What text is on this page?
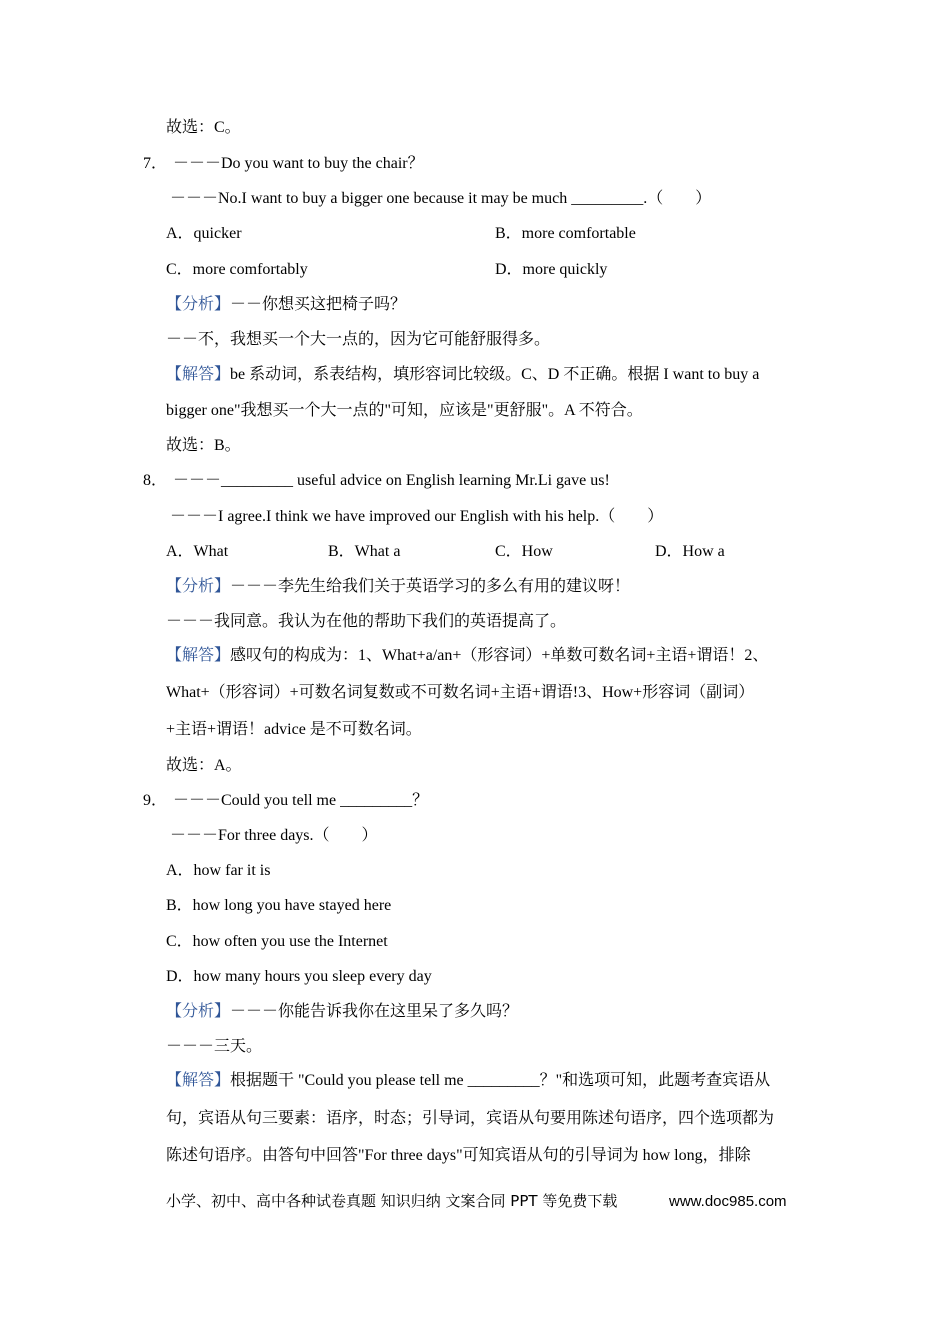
故选：C。
7． －－－Do you want to buy the chair？
－－－No.I want to buy a bigger one because it may be much _________.（　　）
A．quicker	B．more comfortable
C．more comfortably	D．more quickly
【分析】－－你想买这把椅子吗？
－－不，我想买一个大一点的，因为它可能舒服得多。
【解答】be 系动词，系表结构，填形容词比较级。C、D 不正确。根据 I want to buy a
bigger one"我想买一个大一点的"可知，应该是"更舒服"。A 不符合。
故选：B。
8． －－－_________ useful advice on English learning Mr.Li gave us!
－－－I agree.I think we have improved our English with his help.（　　）
A．What	B．What a	C．How	D．How a
【分析】－－－李先生给我们关于英语学习的多么有用的建议呀！
－－－我同意。我认为在他的帮助下我们的英语提高了。
【解答】感叹句的构成为：1、What+a/an+（形容词）+单数可数名词+主语+谓语！2、
What+（形容词）+可数名词复数或不可数名词+主语+谓语!3、How+形容词（副词）
+主语+谓语！advice 是不可数名词。
故选：A。
9． －－－Could you tell me _________？
－－－For three days.（　　）
A．how far it is
B．how long you have stayed here
C．how often you use the Internet
D．how many hours you sleep every day
【分析】－－－你能告诉我你在这里呆了多久吗？
－－－三天。
【解答】根据题干 "Could you please tell me _________？"和选项可知，此题考查宾语从
句，宾语从句三要素：语序，时态；引导词，宾语从句要用陈述句语序，四个选项都为
陈述句语序。由答句中回答"For three days"可知宾语从句的引导词为 how long，排除
小学、初中、高中各种试卷真题 知识归纳 文案合同 PPT 等免费下载	www.doc985.com
